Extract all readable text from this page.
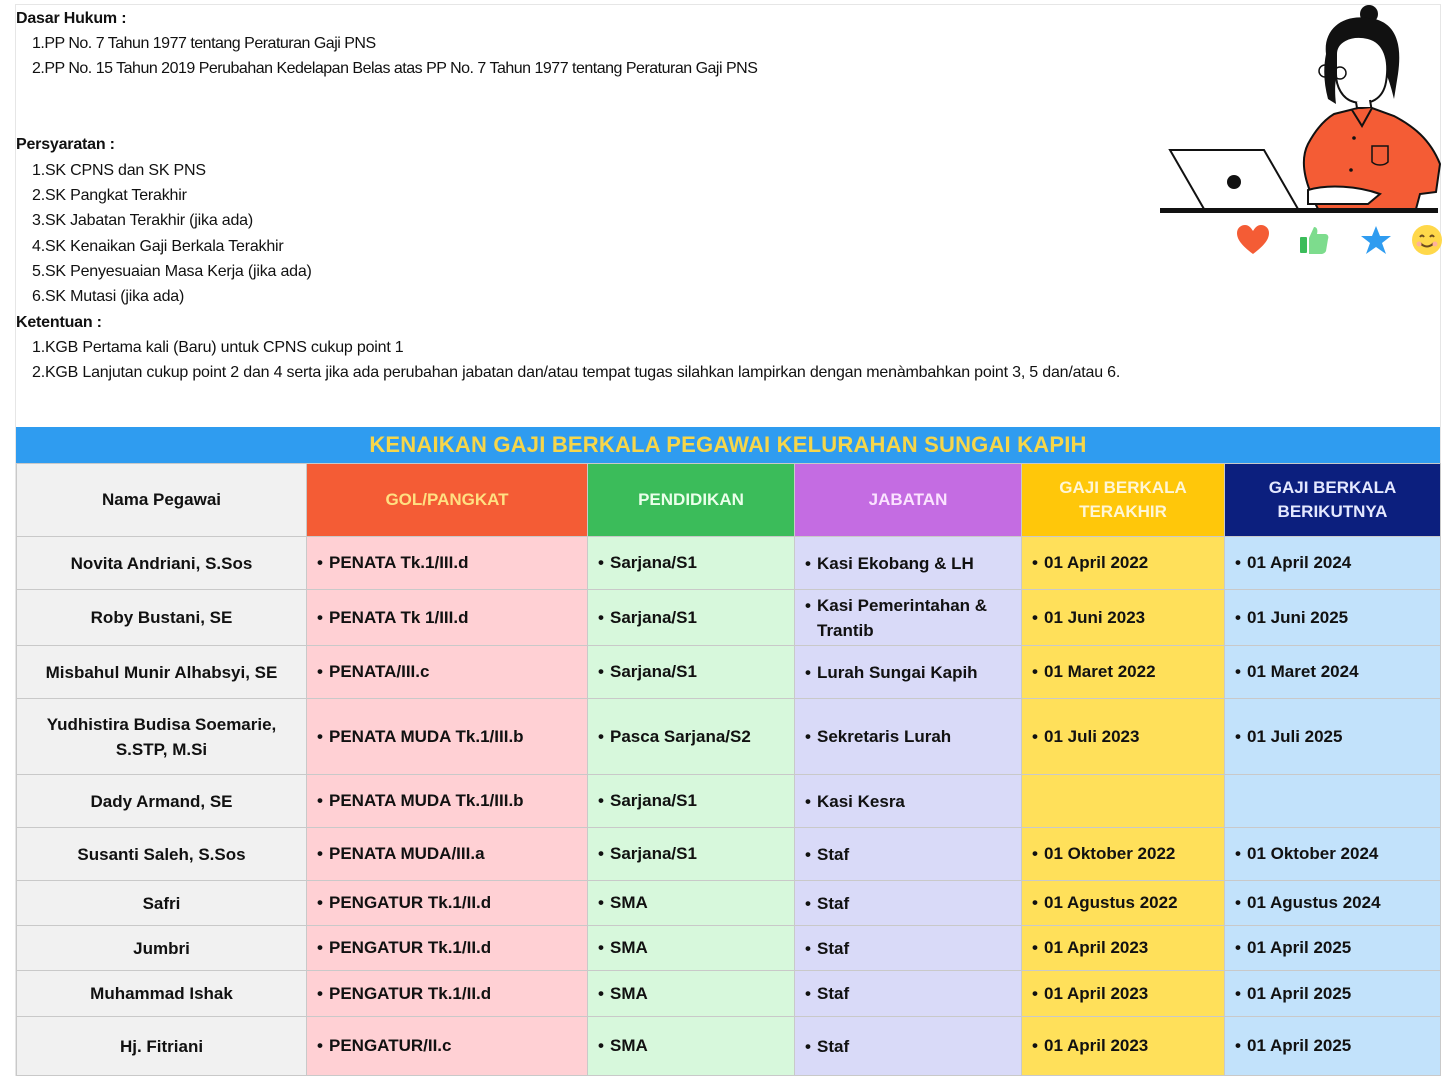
Dasar Hukum :
1.PP No. 7 Tahun 1977 tentang Peraturan Gaji PNS
2.PP No. 15 Tahun 2019 Perubahan Kedelapan Belas atas PP No. 7 Tahun 1977 tentang Peraturan Gaji PNS
Persyaratan :
1.SK CPNS dan SK PNS
2.SK Pangkat Terakhir
3.SK Jabatan Terakhir (jika ada)
4.SK Kenaikan Gaji Berkala Terakhir
5.SK Penyesuaian Masa Kerja (jika ada)
6.SK Mutasi (jika ada)
Ketentuan :
1.KGB Pertama kali (Baru) untuk CPNS cukup point 1
2.KGB Lanjutan cukup point 2 dan 4 serta jika ada perubahan jabatan dan/atau tempat tugas silahkan lampirkan dengan menàmbahkan point 3, 5 dan/atau 6.
KENAIKAN GAJI BERKALA PEGAWAI KELURAHAN SUNGAI KAPIH
Nama Pegawai	GOL/PANGKAT	PENDIDIKAN	JABATAN	GAJI BERKALA TERAKHIR	GAJI BERKALA BERIKUTNYA
Novita Andriani, S.Sos	• PENATA Tk.1/III.d	• Sarjana/S1	• Kasi Ekobang & LH	• 01 April 2022	• 01 April 2024

Roby Bustani, SE	• PENATA Tk 1/III.d	• Sarjana/S1	• Kasi Pemerintahan & Trantib	• 01 Juni 2023	• 01 Juni 2025

Misbahul Munir Alhabsyi, SE	• PENATA/III.c	• Sarjana/S1	• Lurah Sungai Kapih	• 01 Maret 2022	• 01 Maret 2024

Yudhistira Budisa Soemarie, S.STP, M.Si	• PENATA MUDA Tk.1/III.b	• Pasca Sarjana/S2	• Sekretaris Lurah	• 01 Juli 2023	• 01 Juli 2025

Dady Armand, SE	• PENATA MUDA Tk.1/III.b	• Sarjana/S1	• Kasi Kesra		

Susanti Saleh, S.Sos	• PENATA MUDA/III.a	• Sarjana/S1	• Staf	• 01 Oktober 2022	• 01 Oktober 2024

Safri	• PENGATUR Tk.1/II.d	• SMA	• Staf	• 01 Agustus 2022	• 01 Agustus 2024

Jumbri	• PENGATUR Tk.1/II.d	• SMA	• Staf	• 01 April 2023	• 01 April 2025

Muhammad Ishak	• PENGATUR Tk.1/II.d	• SMA	• Staf	• 01 April 2023	• 01 April 2025

Hj. Fitriani	• PENGATUR/II.c	• SMA	• Staf	• 01 April 2023	• 01 April 2025
